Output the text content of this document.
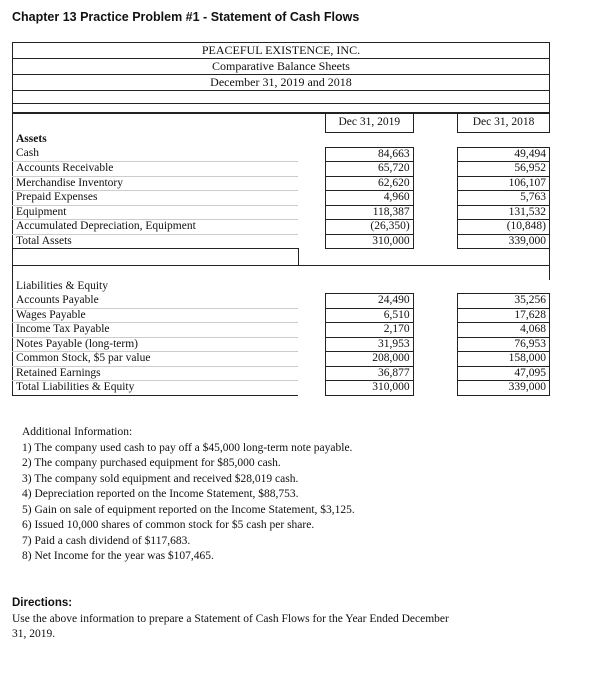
Chapter 13 Practice Problem #1 - Statement of Cash Flows
PEACEFUL EXISTENCE, INC.
Comparative Balance Sheets
December 31, 2019 and 2018
		Dec 31, 2019		Dec 31, 2018
Assets				
Cash		84,663		49,494
Accounts Receivable		65,720		56,952
Merchandise Inventory		62,620		106,107
Prepaid Expenses		4,960		5,763
Equipment		118,387		131,532
Accumulated Depreciation, Equipment		(26,350)		(10,848)
Total Assets		310,000		339,000

Liabilities & Equity				
Accounts Payable		24,490		35,256
Wages Payable		6,510		17,628
Income Tax Payable		2,170		4,068
Notes Payable (long-term)		31,953		76,953
Common Stock, $5 par value		208,000		158,000
Retained Earnings		36,877		47,095
Total Liabilities & Equity		310,000		339,000
Additional Information:
1) The company used cash to pay off a $45,000 long-term note payable.
2) The company purchased equipment for $85,000 cash.
3) The company sold equipment and received $28,019 cash.
4) Depreciation reported on the Income Statement, $88,753.
5) Gain on sale of equipment reported on the Income Statement, $3,125.
6) Issued 10,000 shares of common stock for $5 cash per share.
7) Paid a cash dividend of $117,683.
8) Net Income for the year was $107,465.
Directions:
Use the above information to prepare a Statement of Cash Flows for the Year Ended December 31, 2019.
